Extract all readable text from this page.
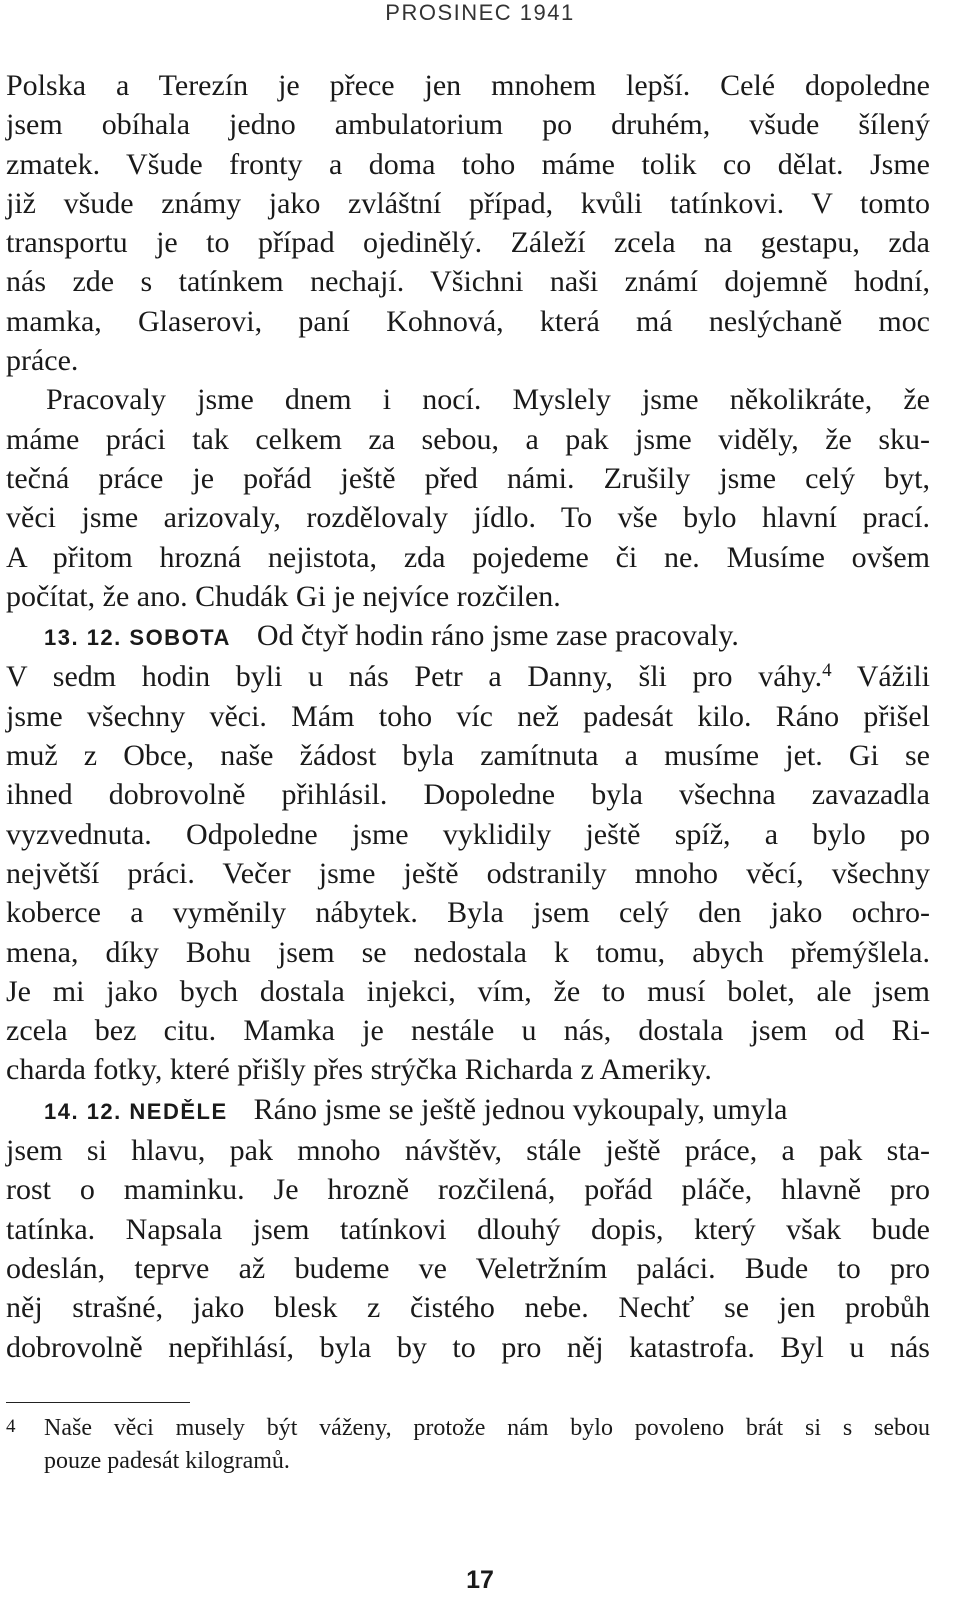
PROSINEC 1941

Polska a Terezín je přece jen mnohem lepší. Celé dopoledne
jsem obíhala jedno ambulatorium po druhém, všude šílený
zmatek. Všude fronty a doma toho máme tolik co dělat. Jsme
již všude známy jako zvláštní případ, kvůli tatínkovi. V tomto
transportu je to případ ojedinělý. Záleží zcela na gestapu, zda
nás zde s tatínkem nechají. Všichni naši známí dojemně hodní,
mamka, Glaserovi, paní Kohnová, která má neslýchaně moc
práce.

Pracovaly jsme dnem i nocí. Myslely jsme několikráte, že
máme práci tak celkem za sebou, a pak jsme viděly, že sku-
tečná práce je pořád ještě před námi. Zrušily jsme celý byt,
věci jsme arizovaly, rozdělovaly jídlo. To vše bylo hlavní prací.
A přitom hrozná nejistota, zda pojedeme či ne. Musíme ovšem
počítat, že ano. Chudák Gi je nejvíce rozčilen.

13. 12. SOBOTA Od čtyř hodin ráno jsme zase pracovaly.
V sedm hodin byli u nás Petr a Danny, šli pro váhy.$^4$ Vážili
jsme všechny věci. Mám toho víc než padesát kilo. Ráno přišel
muž z Obce, naše žádost byla zamítnuta a musíme jet. Gi se
ihned dobrovolně přihlásil. Dopoledne byla všechna zavazadla
vyzvednuta. Odpoledne jsme vyklidily ještě spíž, a bylo po
největší práci. Večer jsme ještě odstranily mnoho věcí, všechny
koberce a vyměnily nábytek. Byla jsem celý den jako ochro-
mena, díky Bohu jsem se nedostala k tomu, abych přemýšlela.
Je mi jako bych dostala injekci, vím, že to musí bolet, ale jsem
zcela bez citu. Mamka je nestále u nás, dostala jsem od Ri-
charda fotky, které přišly přes strýčka Richarda z Ameriky.

14. 12. NEDĚLE Ráno jsme se ještě jednou vykoupaly, umyla
jsem si hlavu, pak mnoho návštěv, stále ještě práce, a pak sta-
rost o maminku. Je hrozně rozčilená, pořád pláče, hlavně pro
tatínka. Napsala jsem tatínkovi dlouhý dopis, který však bude
odeslán, teprve až budeme ve Veletržním paláci. Bude to pro
něj strašné, jako blesk z čistého nebe. Nechť se jen probůh
dobrovolně nepřihlásí, byla by to pro něj katastrofa. Byl u nás

4 Naše věci musely být váženy, protože nám bylo povoleno brát si s sebou
pouze padesát kilogramů.
17
